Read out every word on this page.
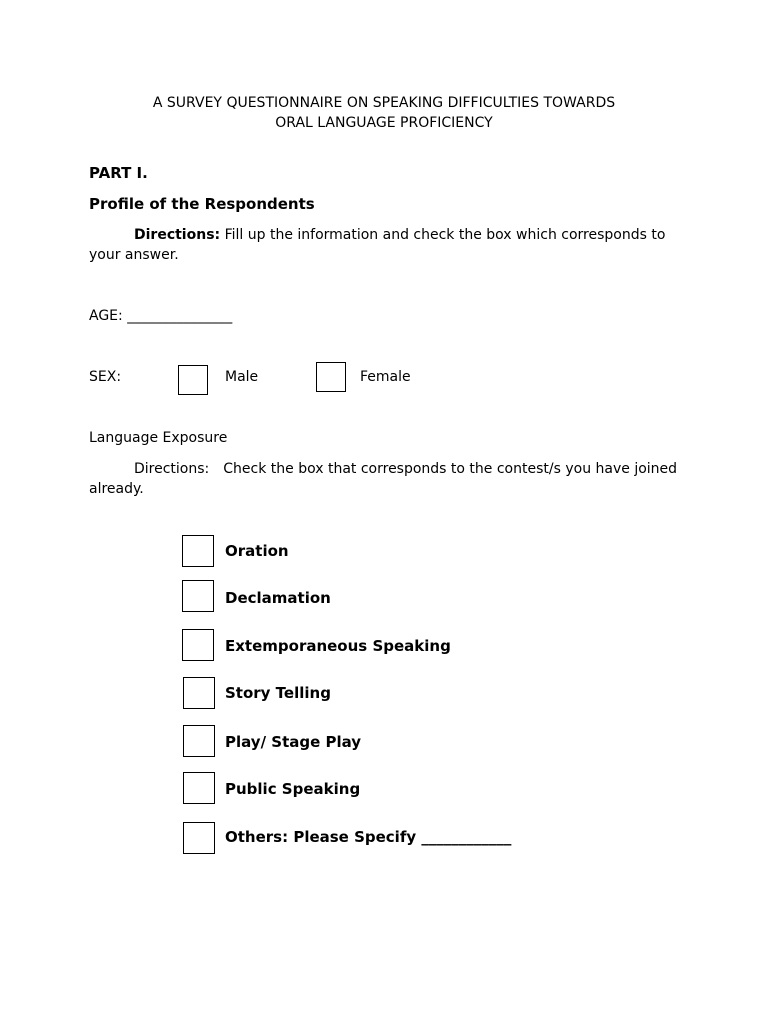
A SURVEY QUESTIONNAIRE ON SPEAKING DIFFICULTIES TOWARDS
ORAL LANGUAGE PROFICIENCY
PART I.
Profile of the Respondents
Directions: Fill up the information and check the box which corresponds to your answer.
AGE: _______________
SEX:	Male	Female
Language Exposure
Directions: Check the box that corresponds to the contest/s you have joined already.
Oration
Declamation
Extemporaneous Speaking
Story Telling
Play/ Stage Play
Public Speaking
Others: Please Specify ____________
